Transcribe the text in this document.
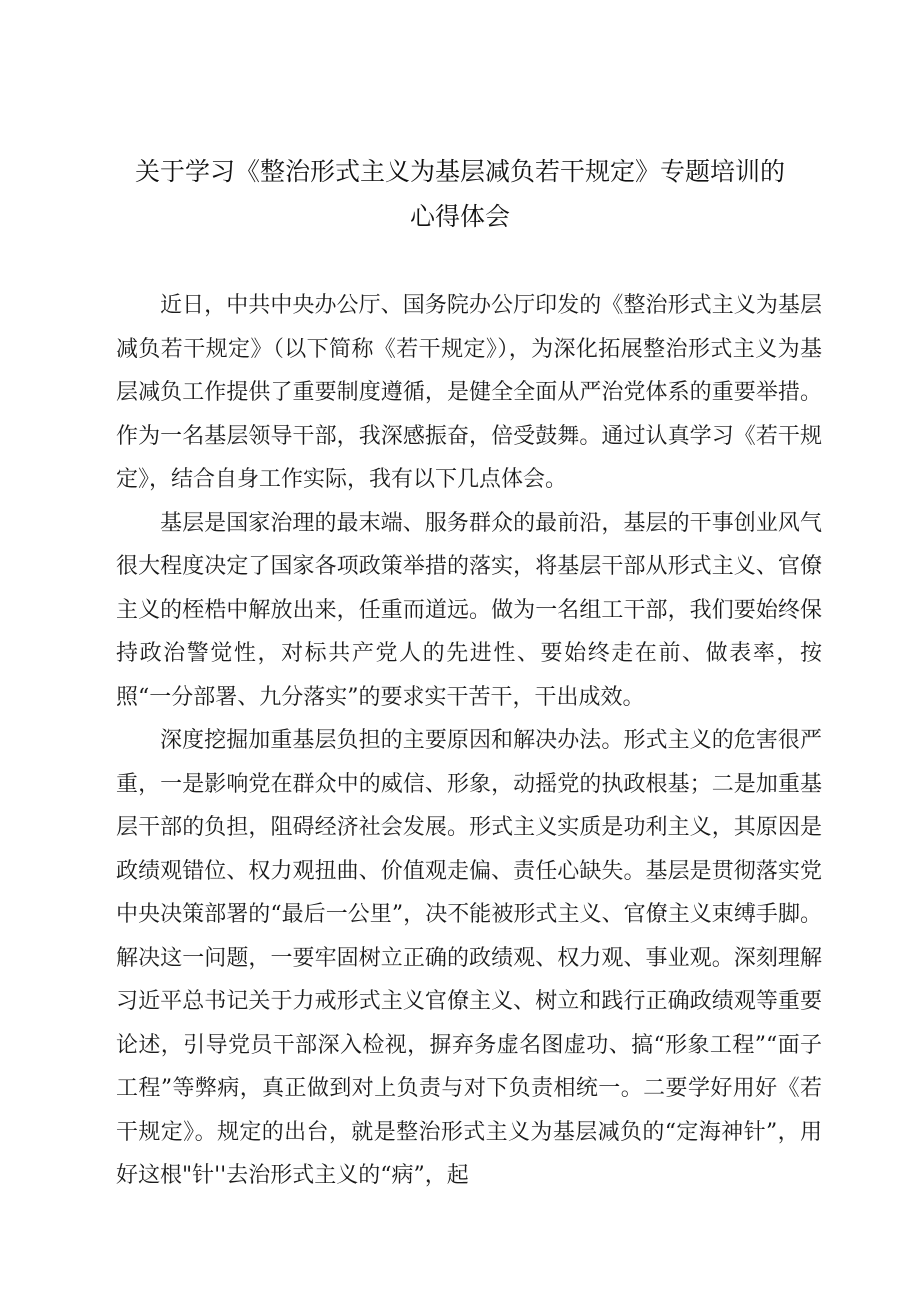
关于学习《整治形式主义为基层减负若干规定》专题培训的
心得体会

近日，中共中央办公厅、国务院办公厅印发的《整治形式主义为基层减负若干规定》（以下简称《若干规定》），为深化拓展整治形式主义为基层减负工作提供了重要制度遵循，是健全全面从严治党体系的重要举措。作为一名基层领导干部，我深感振奋，倍受鼓舞。通过认真学习《若干规定》，结合自身工作实际，我有以下几点体会。

基层是国家治理的最末端、服务群众的最前沿，基层的干事创业风气很大程度决定了国家各项政策举措的落实，将基层干部从形式主义、官僚主义的桎梏中解放出来，任重而道远。做为一名组工干部，我们要始终保持政治警觉性，对标共产党人的先进性、要始终走在前、做表率，按照“一分部署、九分落实”的要求实干苦干，干出成效。

深度挖掘加重基层负担的主要原因和解决办法。形式主义的危害很严重，一是影响党在群众中的威信、形象，动摇党的执政根基；二是加重基层干部的负担，阻碍经济社会发展。形式主义实质是功利主义，其原因是政绩观错位、权力观扭曲、价值观走偏、责任心缺失。基层是贯彻落实党中央决策部署的“最后一公里”，决不能被形式主义、官僚主义束缚手脚。解决这一问题，一要牢固树立正确的政绩观、权力观、事业观。深刻理解习近平总书记关于力戒形式主义官僚主义、树立和践行正确政绩观等重要论述，引导党员干部深入检视，摒弃务虚名图虚功、搞“形象工程”“面子工程”等弊病，真正做到对上负责与对下负责相统一。二要学好用好《若干规定》。规定的出台，就是整治形式主义为基层减负的“定海神针”，用好这根"针''去治形式主义的“病”，起
